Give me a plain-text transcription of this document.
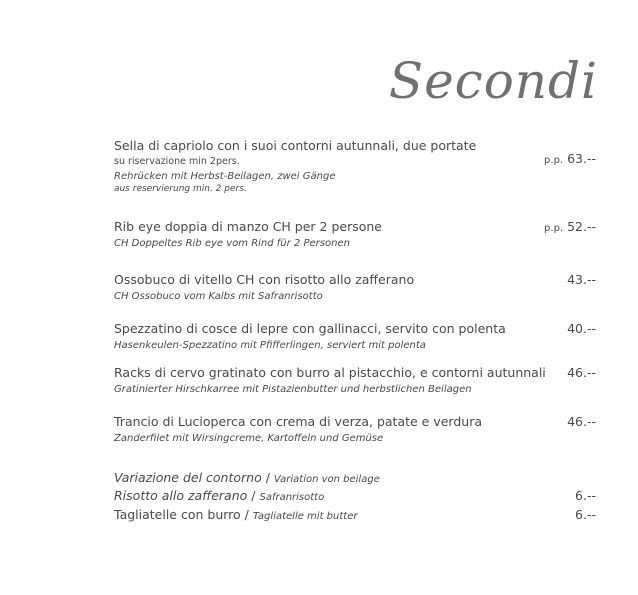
Secondi
Sella di capriolo con i suoi contorni autunnali, due portate
su riservazione min 2pers.	p.p. 63.--
Rehrücken mit Herbst-Beilagen, zwei Gänge
aus reservierung min. 2 pers.
Rib eye doppia di manzo CH per 2 persone	p.p. 52.--
CH Doppeltes Rib eye vom Rind für 2 Personen
Ossobuco di vitello CH con risotto allo zafferano	43.--
CH Ossobuco vom Kalbs mit Safranrisotto
Spezzatino di cosce di lepre con gallinacci, servito con polenta	40.--
Hasenkeulen-Spezzatino mit Pfifferlingen, serviert mit polenta
Racks di cervo gratinato con burro al pistacchio, e contorni autunnali	46.--
Gratinierter Hirschkarree mit Pistazienbutter und herbstlichen Beilagen
Trancio di Lucioperca con crema di verza, patate e verdura	46.--
Zanderfilet mit Wirsingcreme, Kartoffeln und Gemüse
Variazione del contorno / Variation von beilage
Risotto allo zafferano / Safranrisotto	6.--
Tagliatelle con burro / Tagliatelle mit butter	6.--
